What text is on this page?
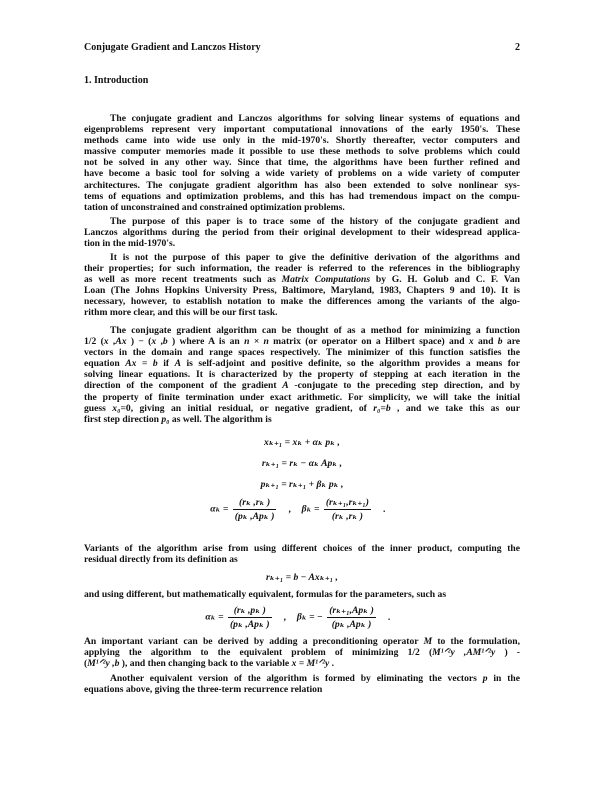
Conjugate Gradient and Lanczos History	2
1. Introduction
The conjugate gradient and Lanczos algorithms for solving linear systems of equations and
eigenproblems represent very important computational innovations of the early 1950's. These
methods came into wide use only in the mid-1970's. Shortly thereafter, vector computers and
massive computer memories made it possible to use these methods to solve problems which could
not be solved in any other way. Since that time, the algorithms have been further refined and
have become a basic tool for solving a wide variety of problems on a wide variety of computer
architectures. The conjugate gradient algorithm has also been extended to solve nonlinear sys-
tems of equations and optimization problems, and this has had tremendous impact on the compu-
tation of unconstrained and constrained optimization problems.
The purpose of this paper is to trace some of the history of the conjugate gradient and
Lanczos algorithms during the period from their original development to their widespread applica-
tion in the mid-1970's.
It is not the purpose of this paper to give the definitive derivation of the algorithms and
their properties; for such information, the reader is referred to the references in the bibliography
as well as more recent treatments such as Matrix Computations by G. H. Golub and C. F. Van
Loan (The Johns Hopkins University Press, Baltimore, Maryland, 1983, Chapters 9 and 10). It is
necessary, however, to establish notation to make the differences among the variants of the algo-
rithm more clear, and this will be our first task.
The conjugate gradient algorithm can be thought of as a method for minimizing a function
1/2 (x ,Ax ) − (x ,b ) where A is an n × n matrix (or operator on a Hilbert space) and x and b are
vectors in the domain and range spaces respectively. The minimizer of this function satisfies the
equation Ax = b if A is self-adjoint and positive definite, so the algorithm provides a means for
solving linear equations. It is characterized by the property of stepping at each iteration in the
direction of the component of the gradient A -conjugate to the preceding step direction, and by
the property of finite termination under exact arithmetic. For simplicity, we will take the initial
guess x₀=0, giving an initial residual, or negative gradient, of r₀=b , and we take this as our
first step direction p₀ as well. The algorithm is
Variants of the algorithm arise from using different choices of the inner product, computing the
residual directly from its definition as
and using different, but mathematically equivalent, formulas for the parameters, such as
An important variant can be derived by adding a preconditioning operator M to the formulation,
applying the algorithm to the equivalent problem of minimizing 1/2 (M¹ᐟ²y ,AM¹ᐟ²y ) -
(M¹ᐟ²y ,b ), and then changing back to the variable x = M¹ᐟ²y .
Another equivalent version of the algorithm is formed by eliminating the vectors p in the
equations above, giving the three-term recurrence relation
xₖ₊₁ = xₖ + αₖ pₖ ,
rₖ₊₁ = rₖ − αₖ Apₖ ,
pₖ₊₁ = rₖ₊₁ + βₖ pₖ ,
$\alpha_k = \frac{\text{(rₖ ,rₖ )}}{\text{(pₖ ,Apₖ )}}$ , $\beta_k = \frac{\text{(rₖ₊₁,rₖ₊₁)}}{\text{(rₖ ,rₖ )}}$ .
rₖ₊₁ = b − Axₖ₊₁ ,
$\alpha_k = \frac{\text{(rₖ ,pₖ )}}{\text{(pₖ ,Apₖ )}}$ , βₖ = − $\frac{\text{(rₖ₊₁,Apₖ )}}{\text{(pₖ ,Apₖ )}}$ .
